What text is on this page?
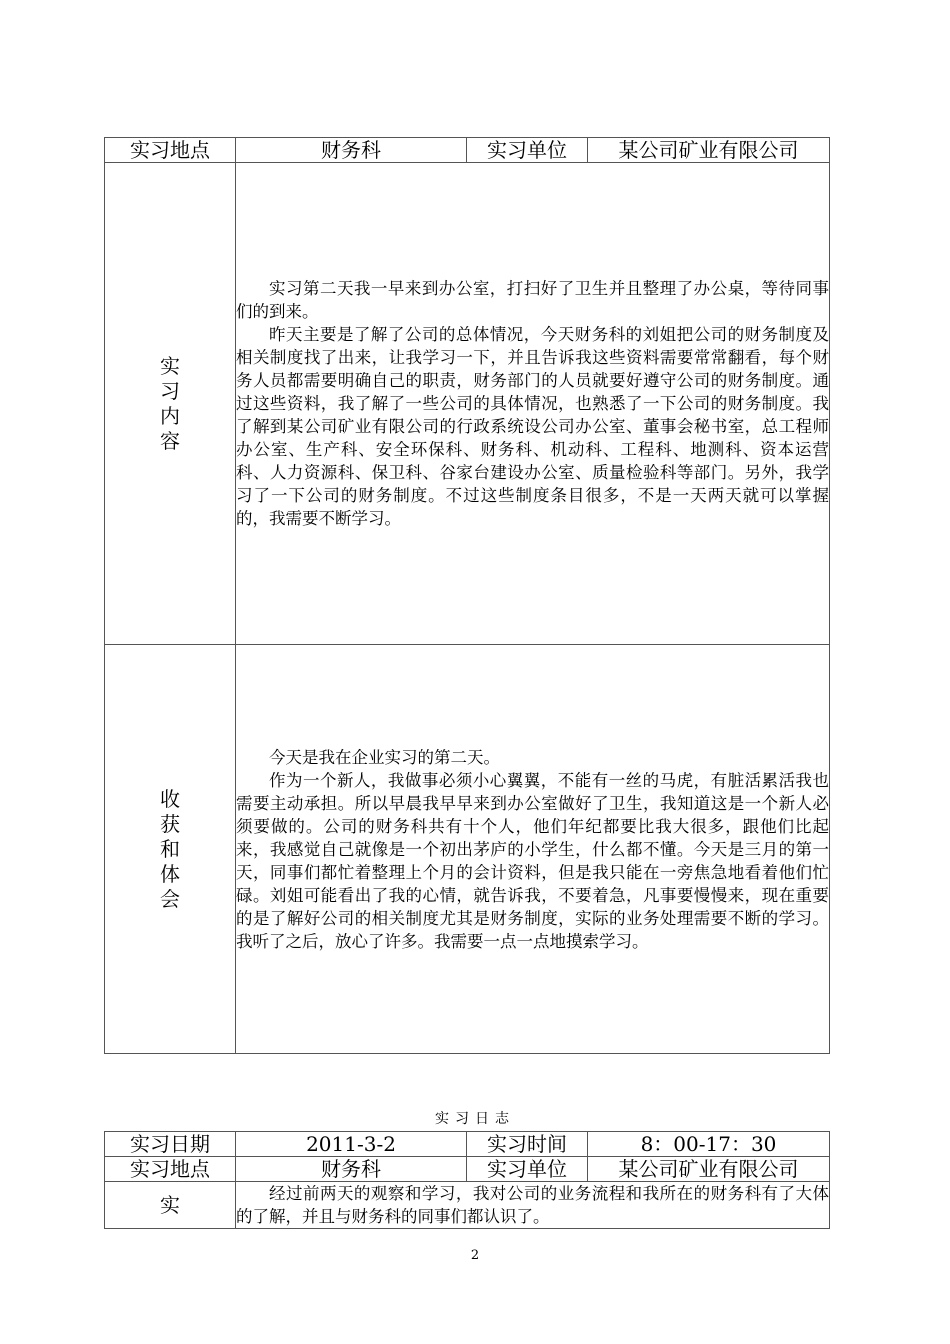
实习地点	财务科	实习单位	某公司矿业有限公司
实习内容	实习第二天我一早来到办公室，打扫好了卫生并且整理了办公桌，等待同事们的到来。

昨天主要是了解了公司的总体情况，今天财务科的刘姐把公司的财务制度及相关制度找了出来，让我学习一下，并且告诉我这些资料需要常常翻看，每个财务人员都需要明确自己的职责，财务部门的人员就要好遵守公司的财务制度。通过这些资料，我了解了一些公司的具体情况，也熟悉了一下公司的财务制度。我了解到某公司矿业有限公司的行政系统设公司办公室、董事会秘书室，总工程师办公室、生产科、安全环保科、财务科、机动科、工程科、地测科、资本运营科、人力资源科、保卫科、谷家台建设办公室、质量检验科等部门。另外，我学习了一下公司的财务制度。不过这些制度条目很多，不是一天两天就可以掌握的，我需要不断学习。		

收获和体会	今天是我在企业实习的第二天。

作为一个新人，我做事必须小心翼翼，不能有一丝的马虎，有脏活累活我也需要主动承担。所以早晨我早早来到办公室做好了卫生，我知道这是一个新人必须要做的。公司的财务科共有十个人，他们年纪都要比我大很多，跟他们比起来，我感觉自己就像是一个初出茅庐的小学生，什么都不懂。今天是三月的第一天，同事们都忙着整理上个月的会计资料，但是我只能在一旁焦急地看着他们忙碌。刘姐可能看出了我的心情，就告诉我，不要着急，凡事要慢慢来，现在重要的是了解好公司的相关制度尤其是财务制度，实际的业务处理需要不断的学习。我听了之后，放心了许多。我需要一点一点地摸索学习。		

实习日志
实习日期	2011-3-2	实习时间	8：00-17：30
实习地点	财务科	实习单位	某公司矿业有限公司
实	经过前两天的观察和学习，我对公司的业务流程和我所在的财务科有了大体的了解，并且与财务科的同事们都认识了。		

2
